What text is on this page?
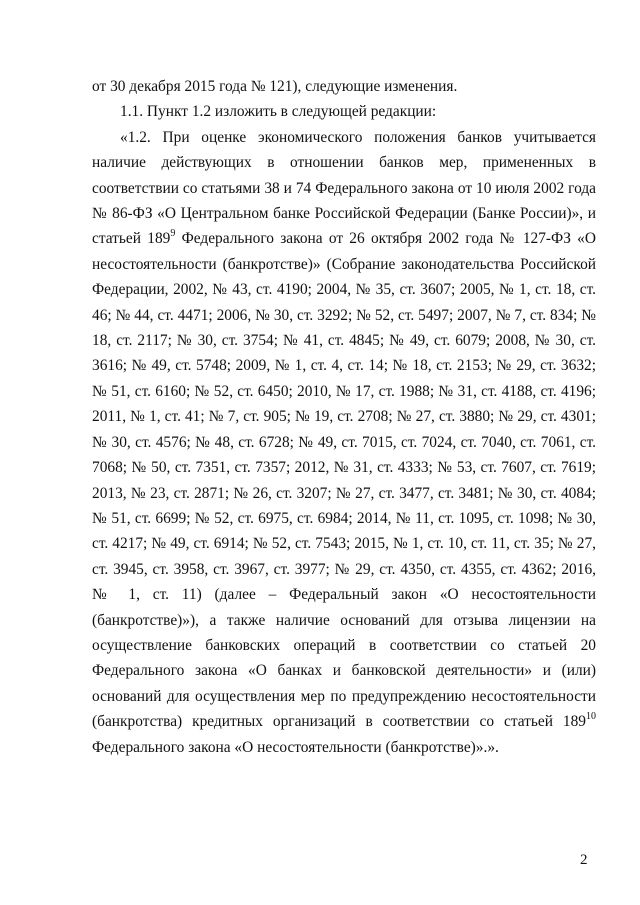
от 30 декабря 2015 года № 121), следующие изменения.

1.1. Пункт 1.2 изложить в следующей редакции:

«1.2. При оценке экономического положения банков учитывается наличие действующих в отношении банков мер, примененных в соответствии со статьями 38 и 74 Федерального закона от 10 июля 2002 года № 86-ФЗ «О Центральном банке Российской Федерации (Банке России)», и статьей $189^9$ Федерального закона от 26 октября 2002 года № 127-ФЗ «О несостоятельности (банкротстве)» (Собрание законодательства Российской Федерации, 2002, № 43, ст. 4190; 2004, № 35, ст. 3607; 2005, № 1, ст. 18, ст. 46; № 44, ст. 4471; 2006, № 30, ст. 3292; № 52, ст. 5497; 2007, № 7, ст. 834; № 18, ст. 2117; № 30, ст. 3754; № 41, ст. 4845; № 49, ст. 6079; 2008, № 30, ст. 3616; № 49, ст. 5748; 2009, № 1, ст. 4, ст. 14; № 18, ст. 2153; № 29, ст. 3632; № 51, ст. 6160; № 52, ст. 6450; 2010, № 17, ст. 1988; № 31, ст. 4188, ст. 4196; 2011, № 1, ст. 41; № 7, ст. 905; № 19, ст. 2708; № 27, ст. 3880; № 29, ст. 4301; № 30, ст. 4576; № 48, ст. 6728; № 49, ст. 7015, ст. 7024, ст. 7040, ст. 7061, ст. 7068; № 50, ст. 7351, ст. 7357; 2012, № 31, ст. 4333; № 53, ст. 7607, ст. 7619; 2013, № 23, ст. 2871; № 26, ст. 3207; № 27, ст. 3477, ст. 3481; № 30, ст. 4084; № 51, ст. 6699; № 52, ст. 6975, ст. 6984; 2014, № 11, ст. 1095, ст. 1098; № 30, ст. 4217; № 49, ст. 6914; № 52, ст. 7543; 2015, № 1, ст. 10, ст. 11, ст. 35; № 27, ст. 3945, ст. 3958, ст. 3967, ст. 3977; № 29, ст. 4350, ст. 4355, ст. 4362; 2016, № 1, ст. 11) (далее – Федеральный закон «О несостоятельности (банкротстве)»), а также наличие оснований для отзыва лицензии на осуществление банковских операций в соответствии со статьей 20 Федерального закона «О банках и банковской деятельности» и (или) оснований для осуществления мер по предупреждению несостоятельности (банкротства) кредитных организаций в соответствии со статьей $189^{10}$ Федерального закона «О несостоятельности (банкротстве)».».

2
